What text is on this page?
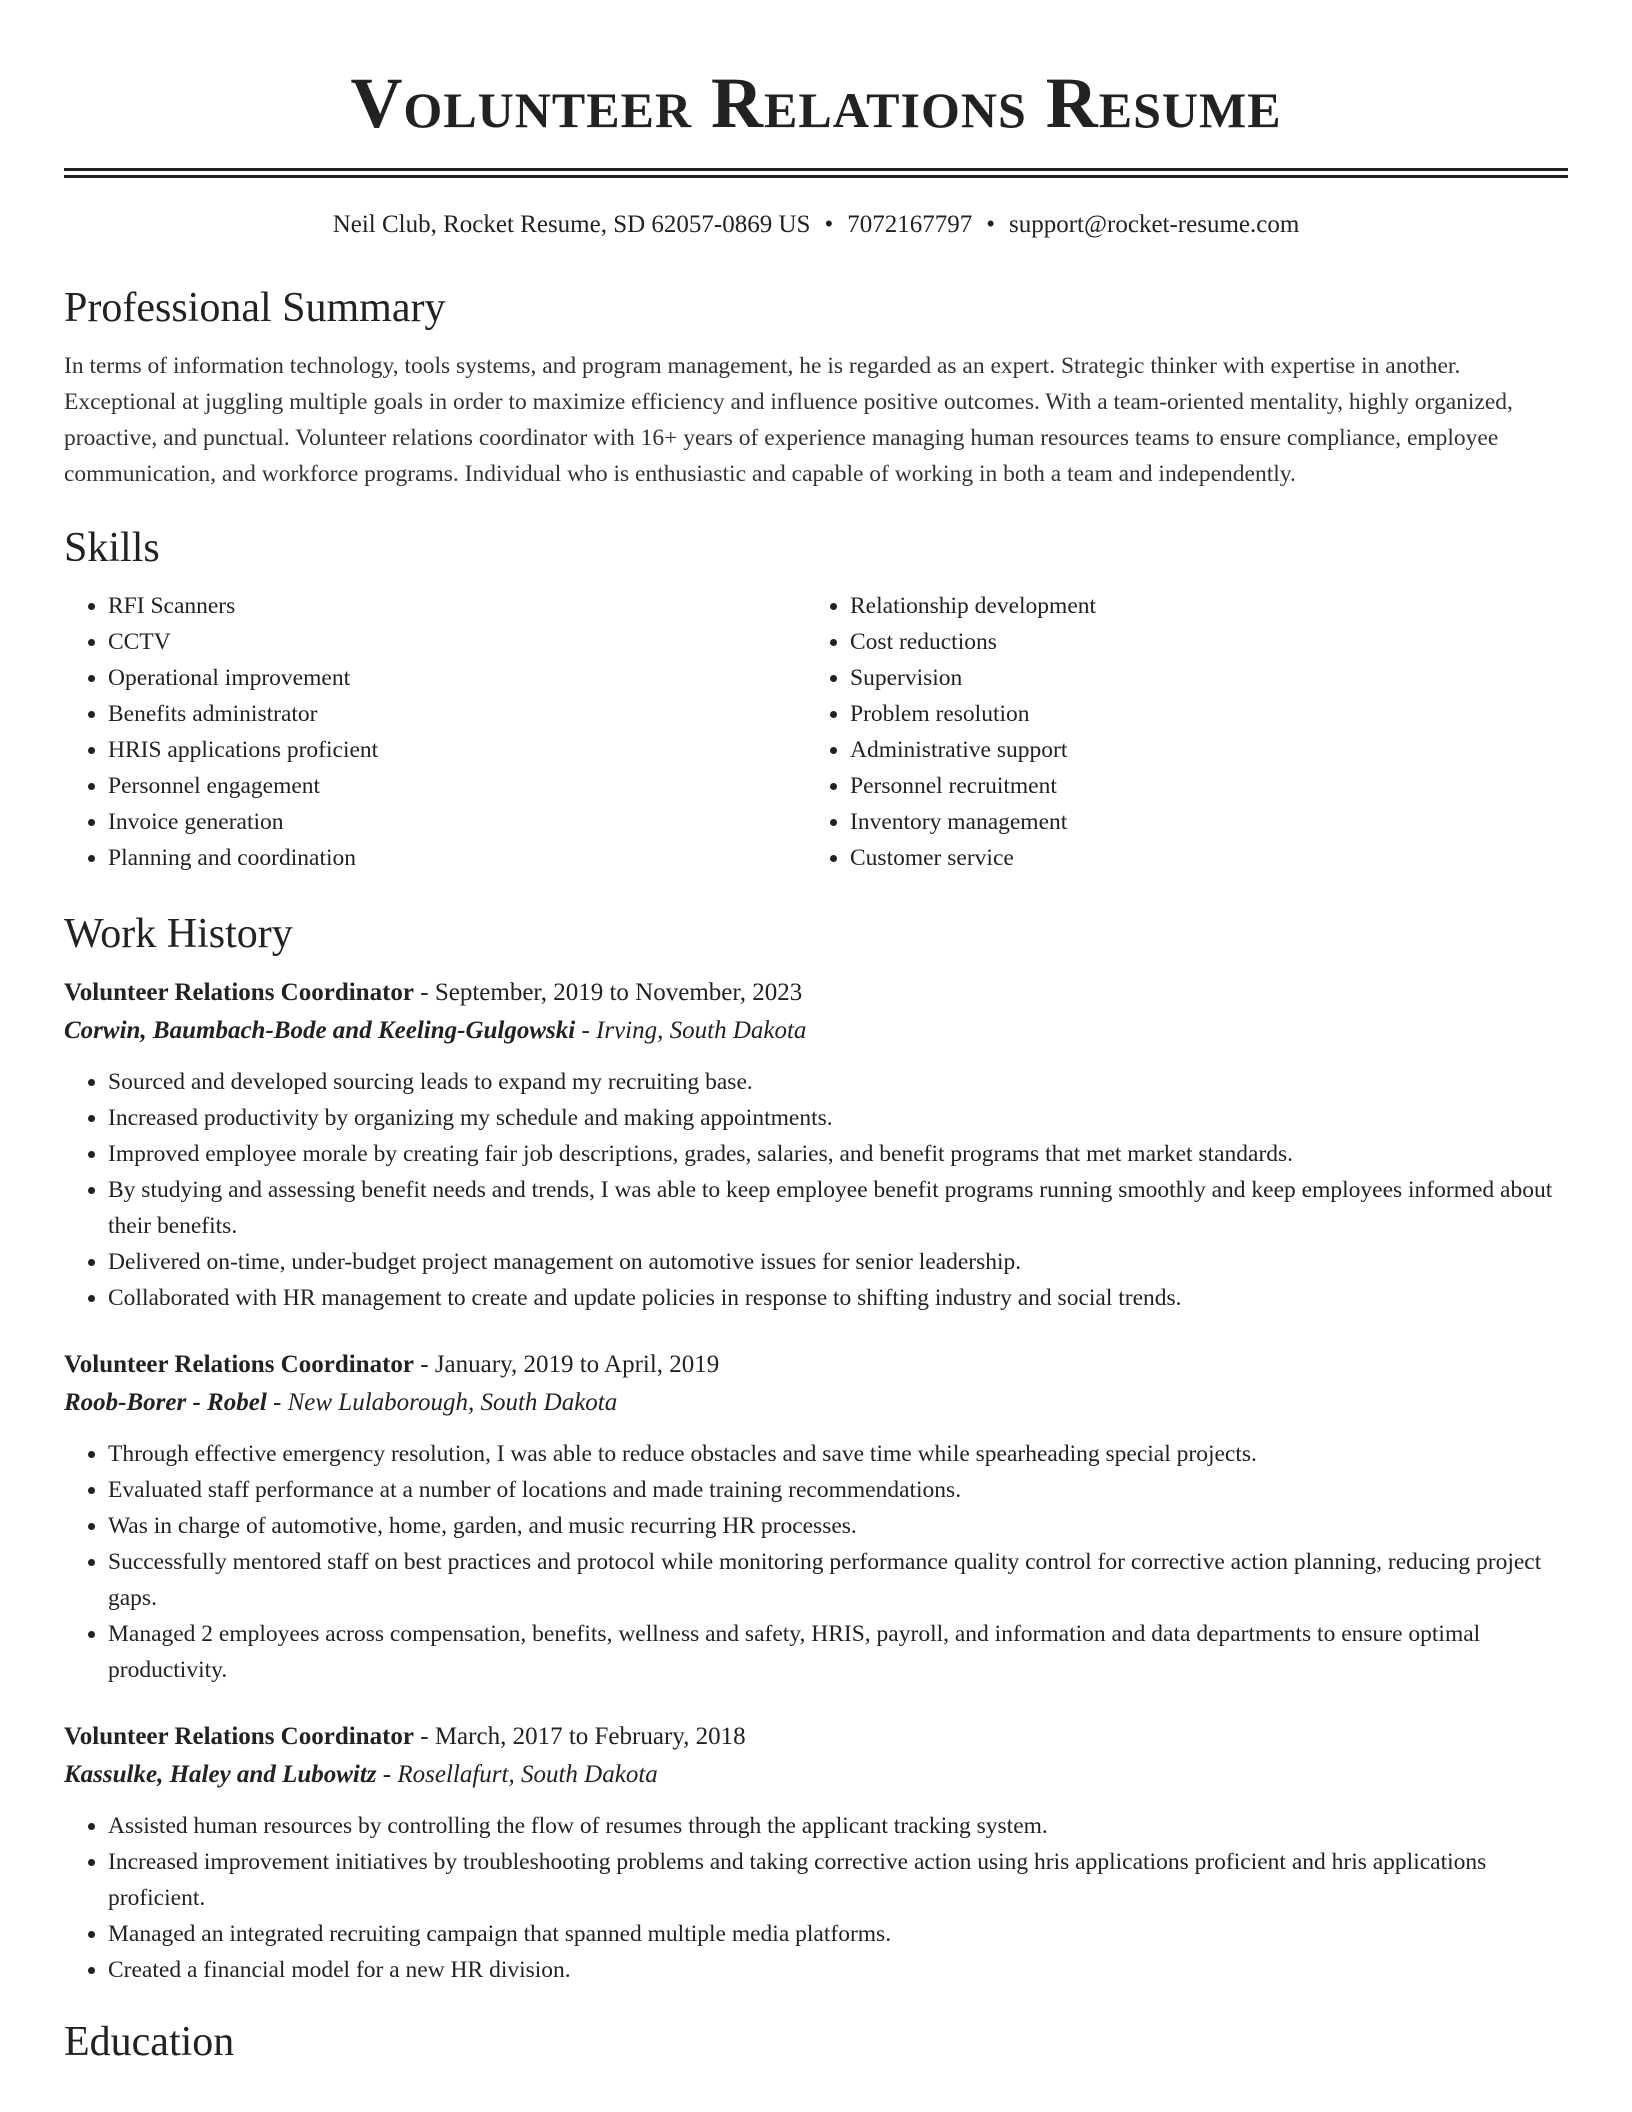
Volunteer Relations Resume
Neil Club, Rocket Resume, SD 62057-0869 US • 7072167797 • support@rocket-resume.com
Professional Summary
In terms of information technology, tools systems, and program management, he is regarded as an expert. Strategic thinker with expertise in another. Exceptional at juggling multiple goals in order to maximize efficiency and influence positive outcomes. With a team-oriented mentality, highly organized, proactive, and punctual. Volunteer relations coordinator with 16+ years of experience managing human resources teams to ensure compliance, employee communication, and workforce programs. Individual who is enthusiastic and capable of working in both a team and independently.
Skills
• RFI Scanners
• CCTV
• Operational improvement
• Benefits administrator
• HRIS applications proficient
• Personnel engagement
• Invoice generation
• Planning and coordination
• Relationship development
• Cost reductions
• Supervision
• Problem resolution
• Administrative support
• Personnel recruitment
• Inventory management
• Customer service
Work History
Volunteer Relations Coordinator - September, 2019 to November, 2023
Corwin, Baumbach-Bode and Keeling-Gulgowski - Irving, South Dakota
• Sourced and developed sourcing leads to expand my recruiting base.
• Increased productivity by organizing my schedule and making appointments.
• Improved employee morale by creating fair job descriptions, grades, salaries, and benefit programs that met market standards.
• By studying and assessing benefit needs and trends, I was able to keep employee benefit programs running smoothly and keep employees informed about their benefits.
• Delivered on-time, under-budget project management on automotive issues for senior leadership.
• Collaborated with HR management to create and update policies in response to shifting industry and social trends.
Volunteer Relations Coordinator - January, 2019 to April, 2019
Roob-Borer - Robel - New Lulaborough, South Dakota
• Through effective emergency resolution, I was able to reduce obstacles and save time while spearheading special projects.
• Evaluated staff performance at a number of locations and made training recommendations.
• Was in charge of automotive, home, garden, and music recurring HR processes.
• Successfully mentored staff on best practices and protocol while monitoring performance quality control for corrective action planning, reducing project gaps.
• Managed 2 employees across compensation, benefits, wellness and safety, HRIS, payroll, and information and data departments to ensure optimal productivity.
Volunteer Relations Coordinator - March, 2017 to February, 2018
Kassulke, Haley and Lubowitz - Rosellafurt, South Dakota
• Assisted human resources by controlling the flow of resumes through the applicant tracking system.
• Increased improvement initiatives by troubleshooting problems and taking corrective action using hris applications proficient and hris applications proficient.
• Managed an integrated recruiting campaign that spanned multiple media platforms.
• Created a financial model for a new HR division.
Education
